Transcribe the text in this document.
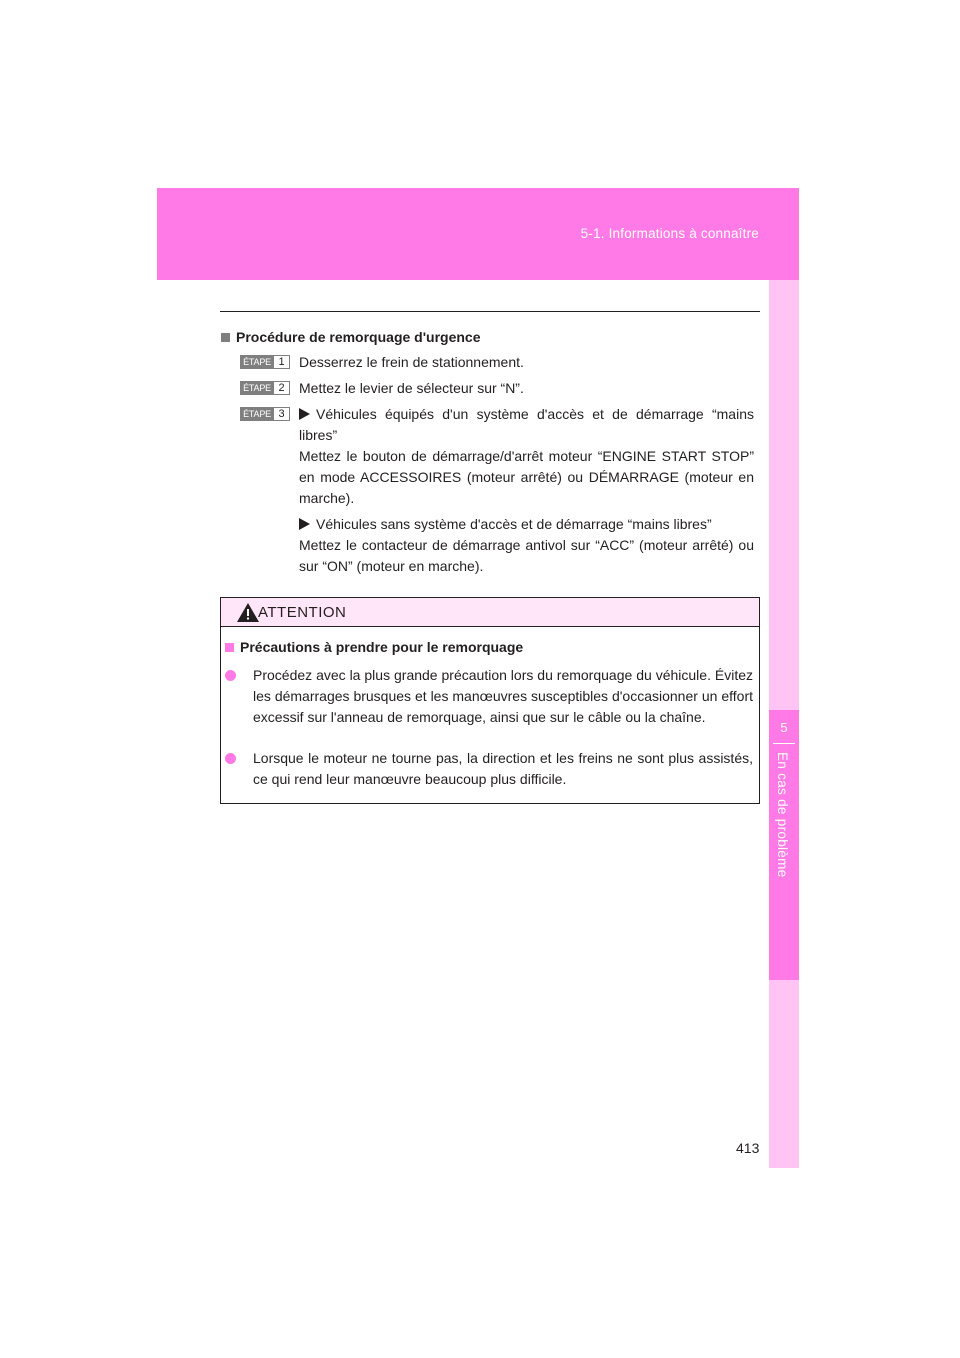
5-1. Informations à connaître
5
En cas de problème
Procédure de remorquage d'urgence
ÉTAPE 1	Desserrez le frein de stationnement.
ÉTAPE 2	Mettez le levier de sélecteur sur “N”.
ÉTAPE 3	Véhicules équipés d'un système d'accès et de démarrage “mains libres”
Mettez le bouton de démarrage/d'arrêt moteur “ENGINE START STOP” en mode ACCESSOIRES (moteur arrêté) ou DÉMARRAGE (moteur en marche).
Véhicules sans système d'accès et de démarrage “mains libres”
Mettez le contacteur de démarrage antivol sur “ACC” (moteur arrêté) ou sur “ON” (moteur en marche).
ATTENTION
Précautions à prendre pour le remorquage
Procédez avec la plus grande précaution lors du remorquage du véhicule. Évitez les démarrages brusques et les manœuvres susceptibles d'occasionner un effort excessif sur l'anneau de remorquage, ainsi que sur le câble ou la chaîne.
Lorsque le moteur ne tourne pas, la direction et les freins ne sont plus assistés, ce qui rend leur manœuvre beaucoup plus difficile.
413
